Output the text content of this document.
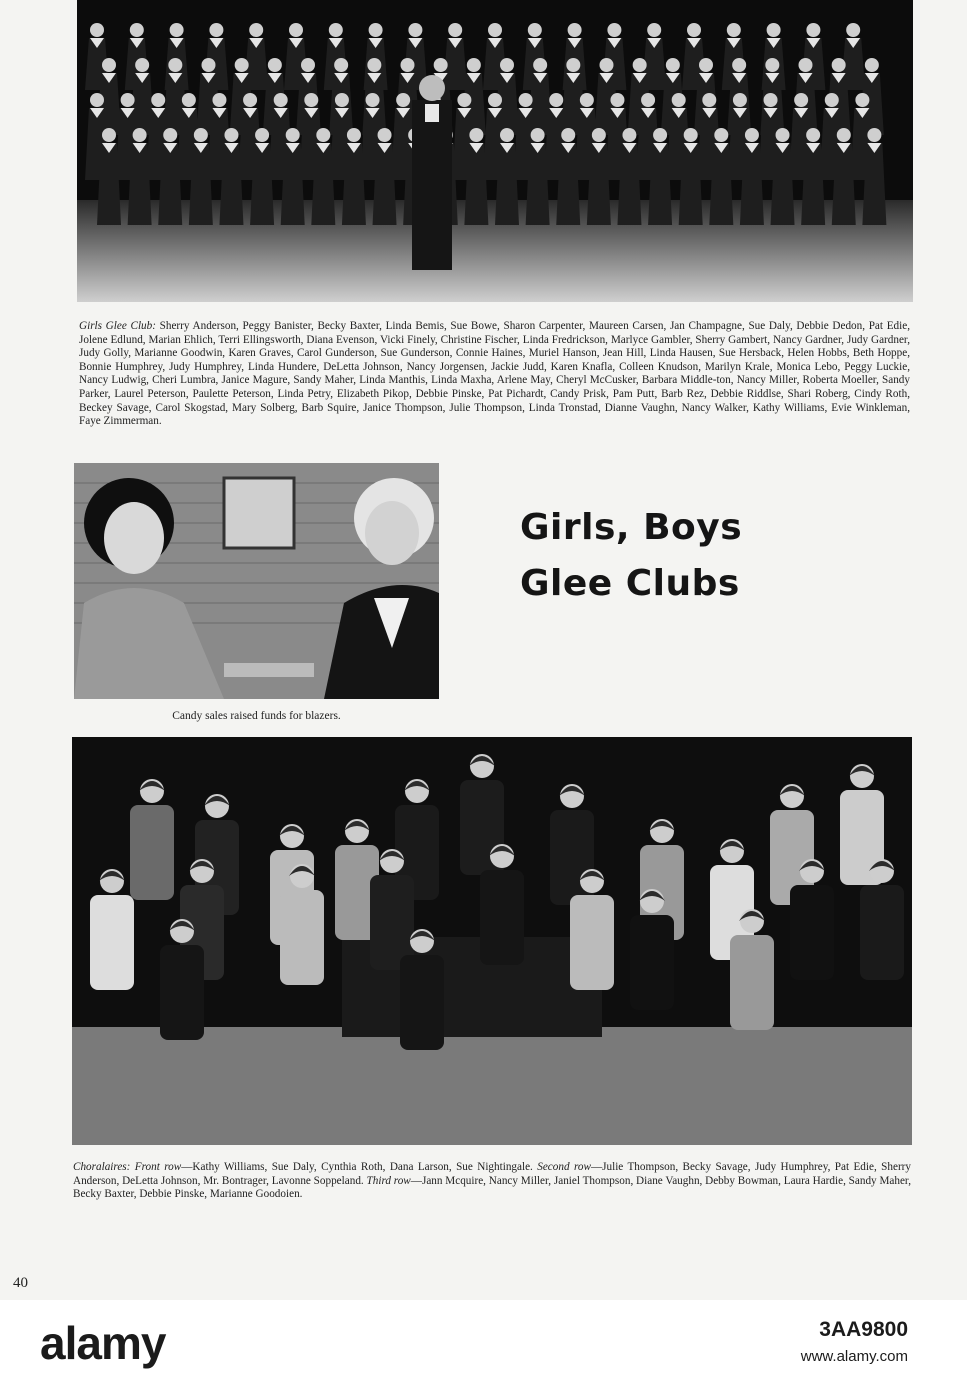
Girls Glee Club: Sherry Anderson, Peggy Banister, Becky Baxter, Linda Bemis, Sue Bowe, Sharon Carpenter, Maureen Carsen, Jan Champagne, Sue Daly, Debbie Dedon, Pat Edie, Jolene Edlund, Marian Ehlich, Terri Ellingsworth, Diana Evenson, Vicki Finely, Christine Fischer, Linda Fredrickson, Marlyce Gambler, Sherry Gambert, Nancy Gardner, Judy Gardner, Judy Golly, Marianne Goodwin, Karen Graves, Carol Gunderson, Sue Gunderson, Connie Haines, Muriel Hanson, Jean Hill, Linda Hausen, Sue Hersback, Helen Hobbs, Beth Hoppe, Bonnie Humphrey, Judy Humphrey, Linda Hundere, DeLetta Johnson, Nancy Jorgensen, Jackie Judd, Karen Knafla, Colleen Knudson, Marilyn Krale, Monica Lebo, Peggy Luckie, Nancy Ludwig, Cheri Lumbra, Janice Magure, Sandy Maher, Linda Manthis, Linda Maxha, Arlene May, Cheryl McCusker, Barbara Middle-ton, Nancy Miller, Roberta Moeller, Sandy Parker, Laurel Peterson, Paulette Peterson, Linda Petry, Elizabeth Pikop, Debbie Pinske, Pat Pichardt, Candy Prisk, Pam Putt, Barb Rez, Debbie Riddlse, Shari Roberg, Cindy Roth, Beckey Savage, Carol Skogstad, Mary Solberg, Barb Squire, Janice Thompson, Julie Thompson, Linda Tronstad, Dianne Vaughn, Nancy Walker, Kathy Williams, Evie Winkleman, Faye Zimmerman.
Candy sales raised funds for blazers.
Girls, Boys
Glee Clubs
Choralaires: Front row—Kathy Williams, Sue Daly, Cynthia Roth, Dana Larson, Sue Nightingale. Second row—Julie Thompson, Becky Savage, Judy Humphrey, Pat Edie, Sherry Anderson, DeLetta Johnson, Mr. Bontrager, Lavonne Soppeland. Third row—Jann Mcquire, Nancy Miller, Janiel Thompson, Diane Vaughn, Debby Bowman, Laura Hardie, Sandy Maher, Becky Baxter, Debbie Pinske, Marianne Goodoien.
40
alamy	3AA9800
www.alamy.com
